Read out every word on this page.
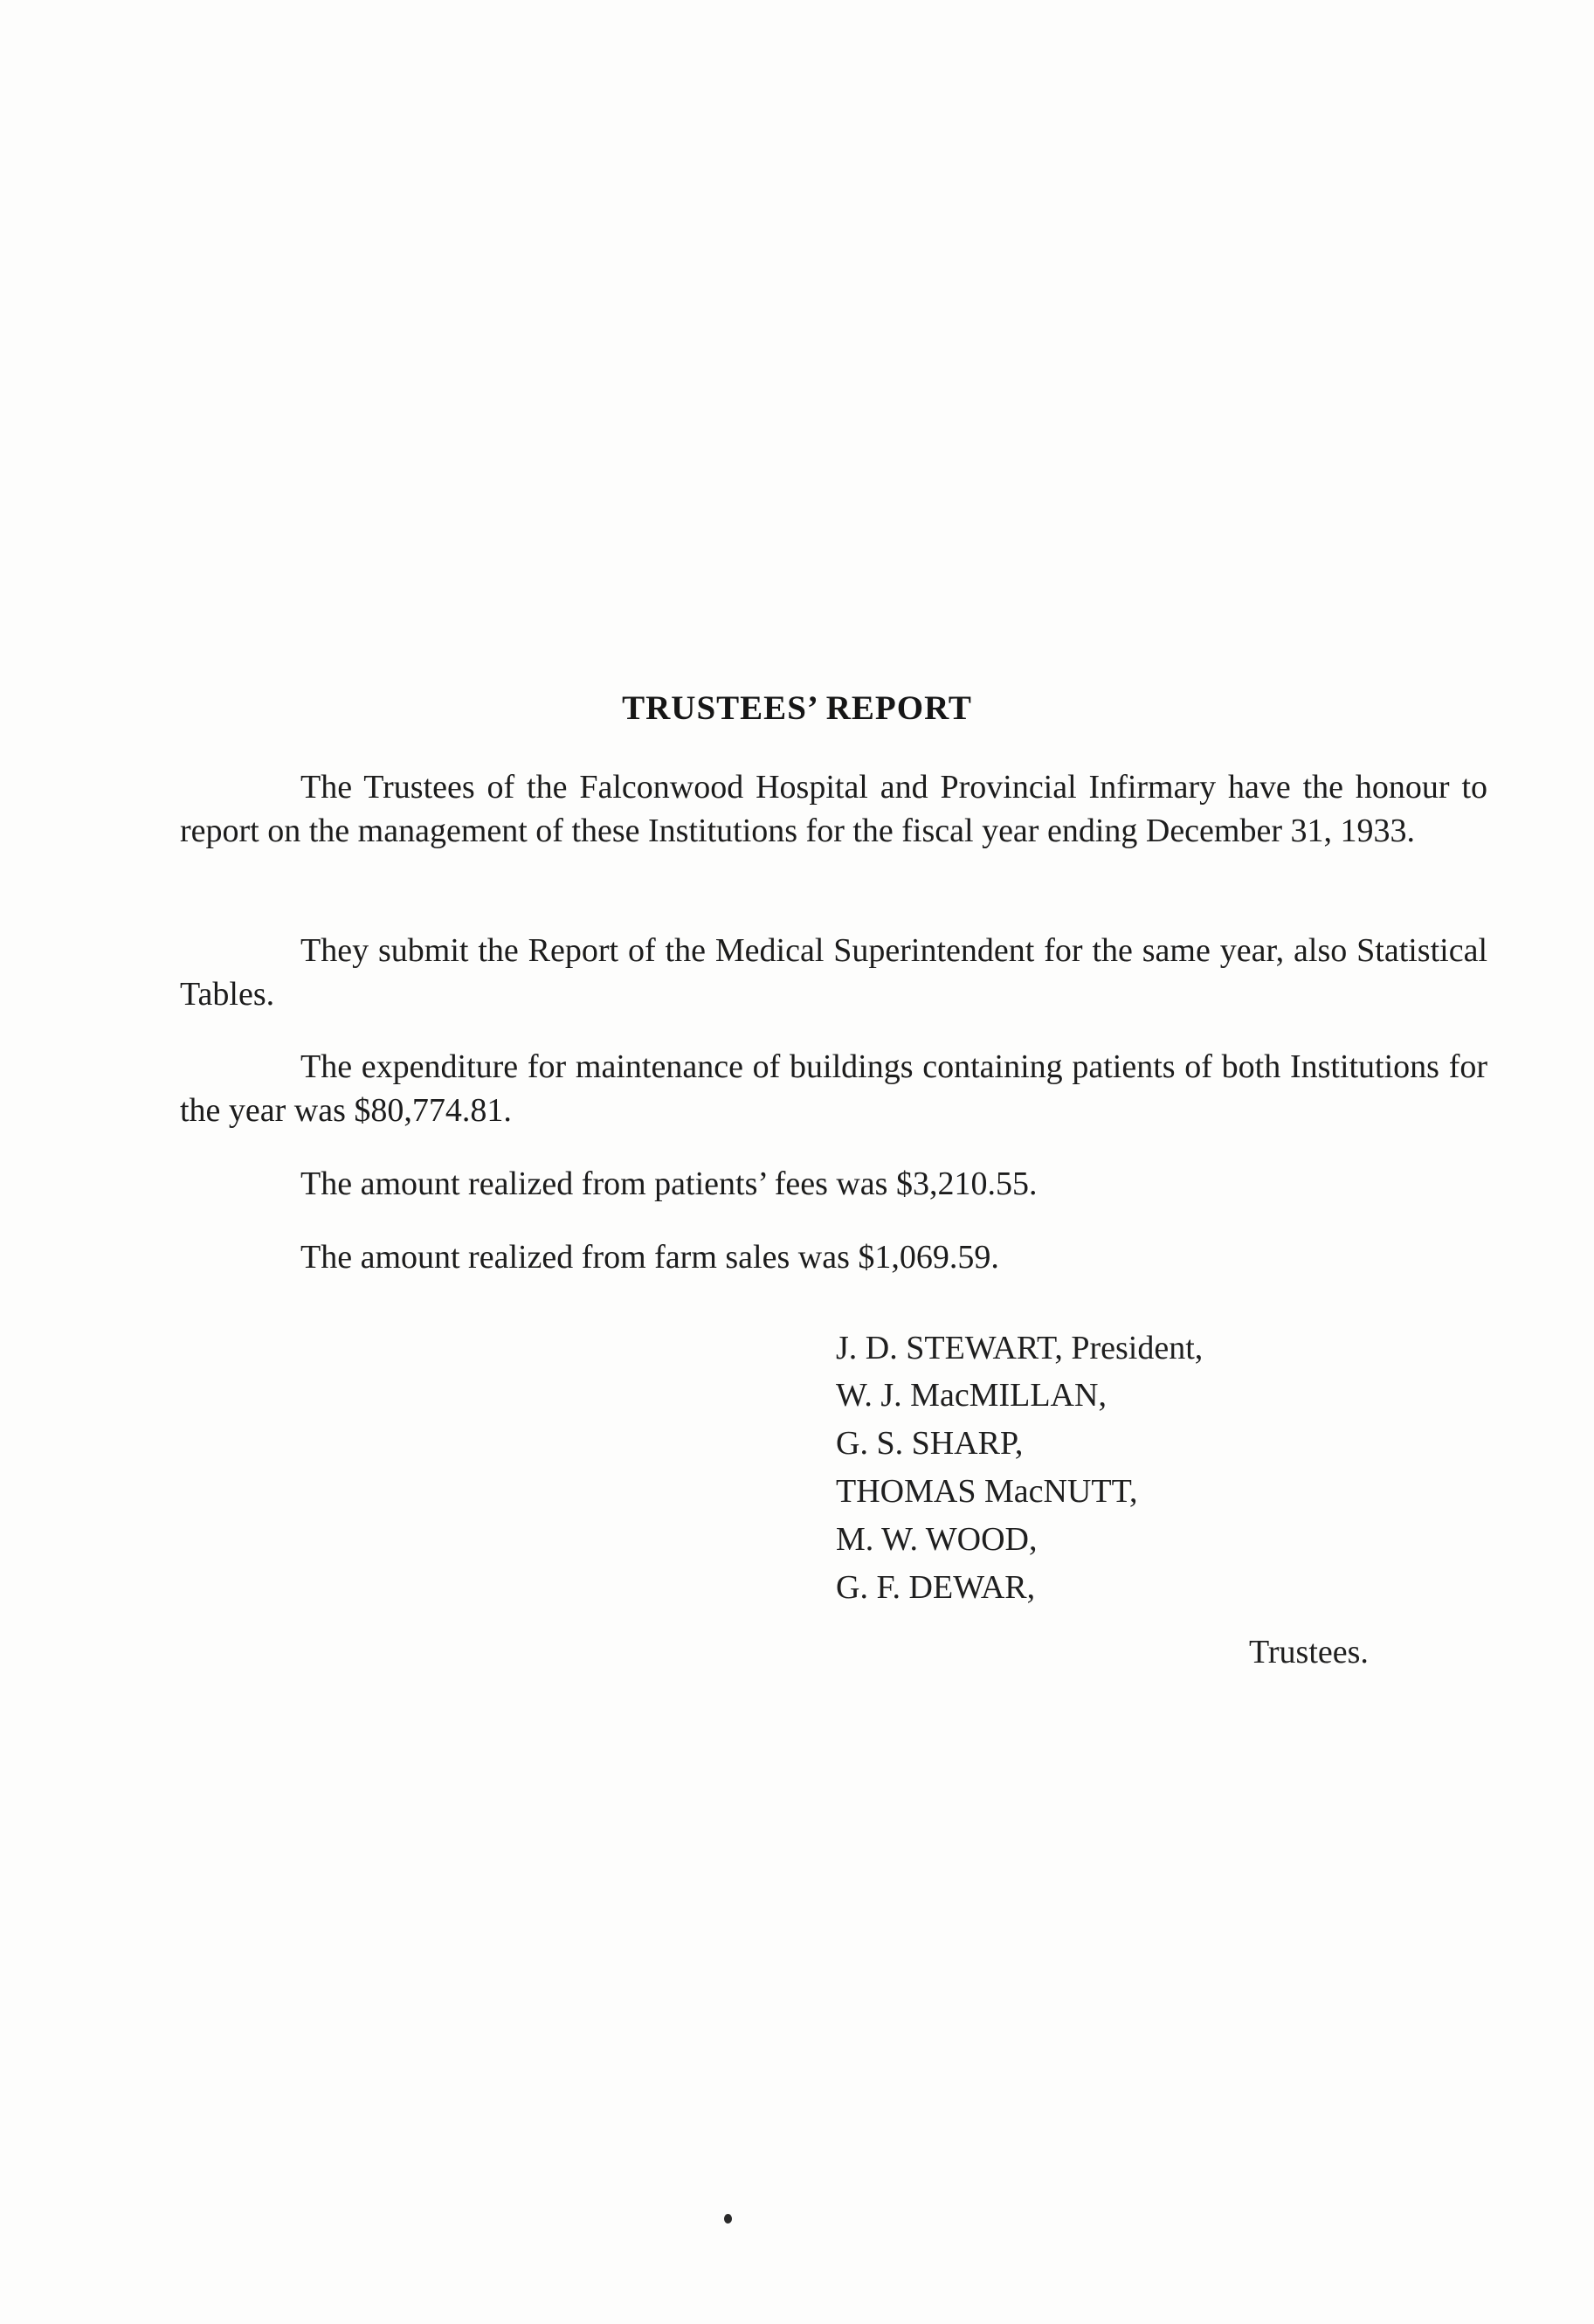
TRUSTEES’ REPORT
The Trustees of the Falconwood Hospital and Provincial Infirmary have the honour to report on the management of these Institutions for the fiscal year ending December 31, 1933.
They submit the Report of the Medical Superintendent for the same year, also Statistical Tables.
The expenditure for maintenance of buildings containing patients of both Institutions for the year was $80,774.81.
The amount realized from patients’ fees was $3,210.55.
The amount realized from farm sales was $1,069.59.
J. D. STEWART, President,
W. J. MacMILLAN,
G. S. SHARP,
THOMAS MacNUTT,
M. W. WOOD,
G. F. DEWAR,
Trustees.
